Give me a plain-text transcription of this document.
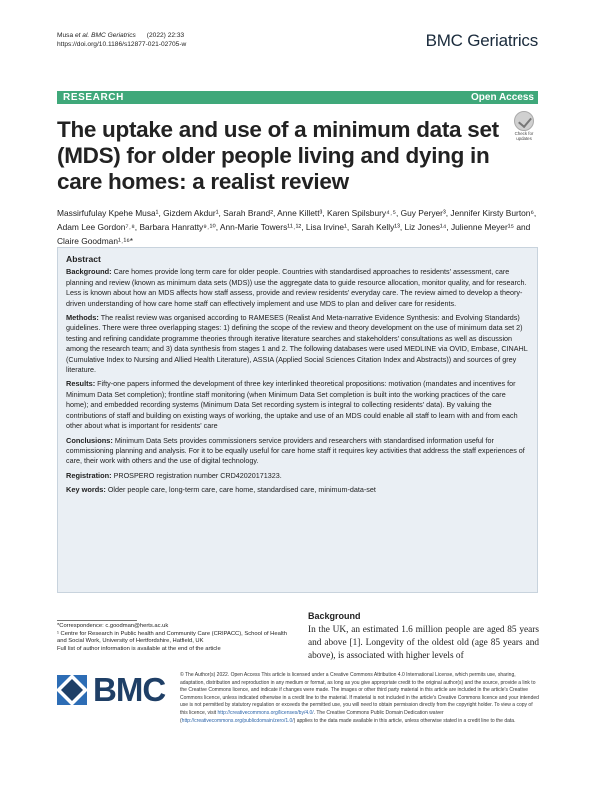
Musa et al. BMC Geriatrics (2022) 22:33
https://doi.org/10.1186/s12877-021-02705-w	BMC Geriatrics
RESEARCH	Open Access
The uptake and use of a minimum data set (MDS) for older people living and dying in care homes: a realist review
Check for updates
Massirfufulay Kpehe Musa¹, Gizdem Akdur¹, Sarah Brand², Anne Killett³, Karen Spilsbury⁴˒⁵, Guy Peryer³, Jennifer Kirsty Burton⁶, Adam Lee Gordon⁷˒⁸, Barbara Hanratty⁹˒¹⁰, Ann-Marie Towers¹¹˒¹², Lisa Irvine¹, Sarah Kelly¹³, Liz Jones¹⁴, Julienne Meyer¹⁵ and Claire Goodman¹˒¹⁶*
Abstract

Background: Care homes provide long term care for older people. Countries with standardised approaches to residents' assessment, care planning and review (known as minimum data sets (MDS)) use the aggregate data to guide resource allocation, monitor quality, and for research. Less is known about how an MDS affects how staff assess, provide and review residents' everyday care. The review aimed to develop a theory-driven understanding of how care home staff can effectively implement and use MDS to plan and deliver care for residents.

Methods: The realist review was organised according to RAMESES (Realist And Meta-narrative Evidence Synthesis: and Evolving Standards) guidelines. There were three overlapping stages: 1) defining the scope of the review and theory development on the use of minimum data set 2) testing and refining candidate programme theories through iterative literature searches and stakeholders' consultations as well as discussion among the research team; and 3) data synthesis from stages 1 and 2. The following databases were used MEDLINE via OVID, Embase, CINAHL (Cumulative Index to Nursing and Allied Health Literature), ASSIA (Applied Social Sciences Citation Index and Abstracts)) and sources of grey literature.

Results: Fifty-one papers informed the development of three key interlinked theoretical propositions: motivation (mandates and incentives for Minimum Data Set completion); frontline staff monitoring (when Minimum Data Set completion is built into the working practices of the care home); and embedded recording systems (Minimum Data Set recording system is integral to collecting residents' data). By valuing the contributions of staff and building on existing ways of working, the uptake and use of an MDS could enable all staff to learn with and from each other about what is important for residents' care

Conclusions: Minimum Data Sets provides commissioners service providers and researchers with standardised information useful for commissioning planning and analysis. For it to be equally useful for care home staff it requires key activities that address the staff experiences of care, their work with others and the use of digital technology.

Registration: PROSPERO registration number CRD42020171323.

Key words: Older people care, long-term care, care home, standardised care, minimum-data-set

*Correspondence: c.goodman@herts.ac.uk
¹ Centre for Research in Public health and Community Care (CRIPACC), School of Health and Social Work, University of Hertfordshire, Hatfield, UK
Full list of author information is available at the end of the article
Background

In the UK, an estimated 1.6 million people are aged 85 years and above [1]. Longevity of the oldest old (age 85 years and above), is associated with higher levels of

BMC	© The Author(s) 2022. Open Access This article is licensed under a Creative Commons Attribution 4.0 International License, which permits use, sharing, adaptation, distribution and reproduction in any medium or format, as long as you give appropriate credit to the original author(s) and the source, provide a link to the Creative Commons licence, and indicate if changes were made. The images or other third party material in this article are included in the article's Creative Commons licence, unless indicated otherwise in a credit line to the material. If material is not included in the article's Creative Commons licence and your intended use is not permitted by statutory regulation or exceeds the permitted use, you will need to obtain permission directly from the copyright holder. To view a copy of this licence, visit http://creativecommons.org/licenses/by/4.0/. The Creative Commons Public Domain Dedication waiver (http://creativecommons.org/publicdomain/zero/1.0/) applies to the data made available in this article, unless otherwise stated in a credit line to the data.
